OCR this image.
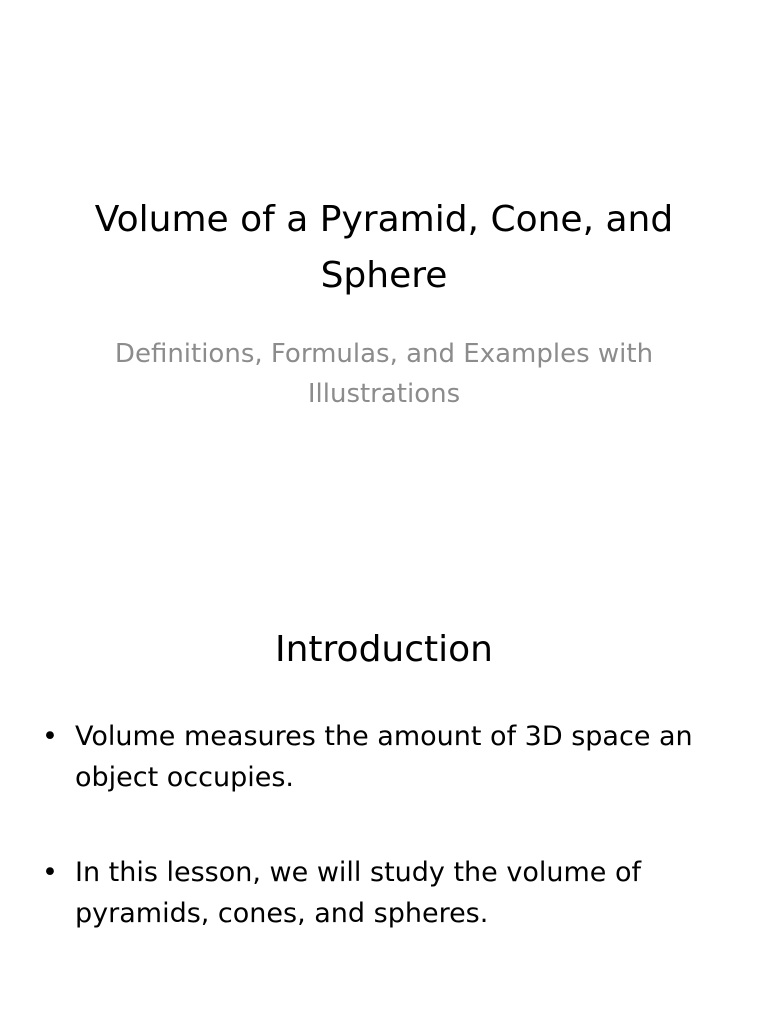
Volume of a Pyramid, Cone, and Sphere

Definitions, Formulas, and Examples with Illustrations

Introduction
• Volume measures the amount of 3D space an object occupies.
• In this lesson, we will study the volume of pyramids, cones, and spheres.
